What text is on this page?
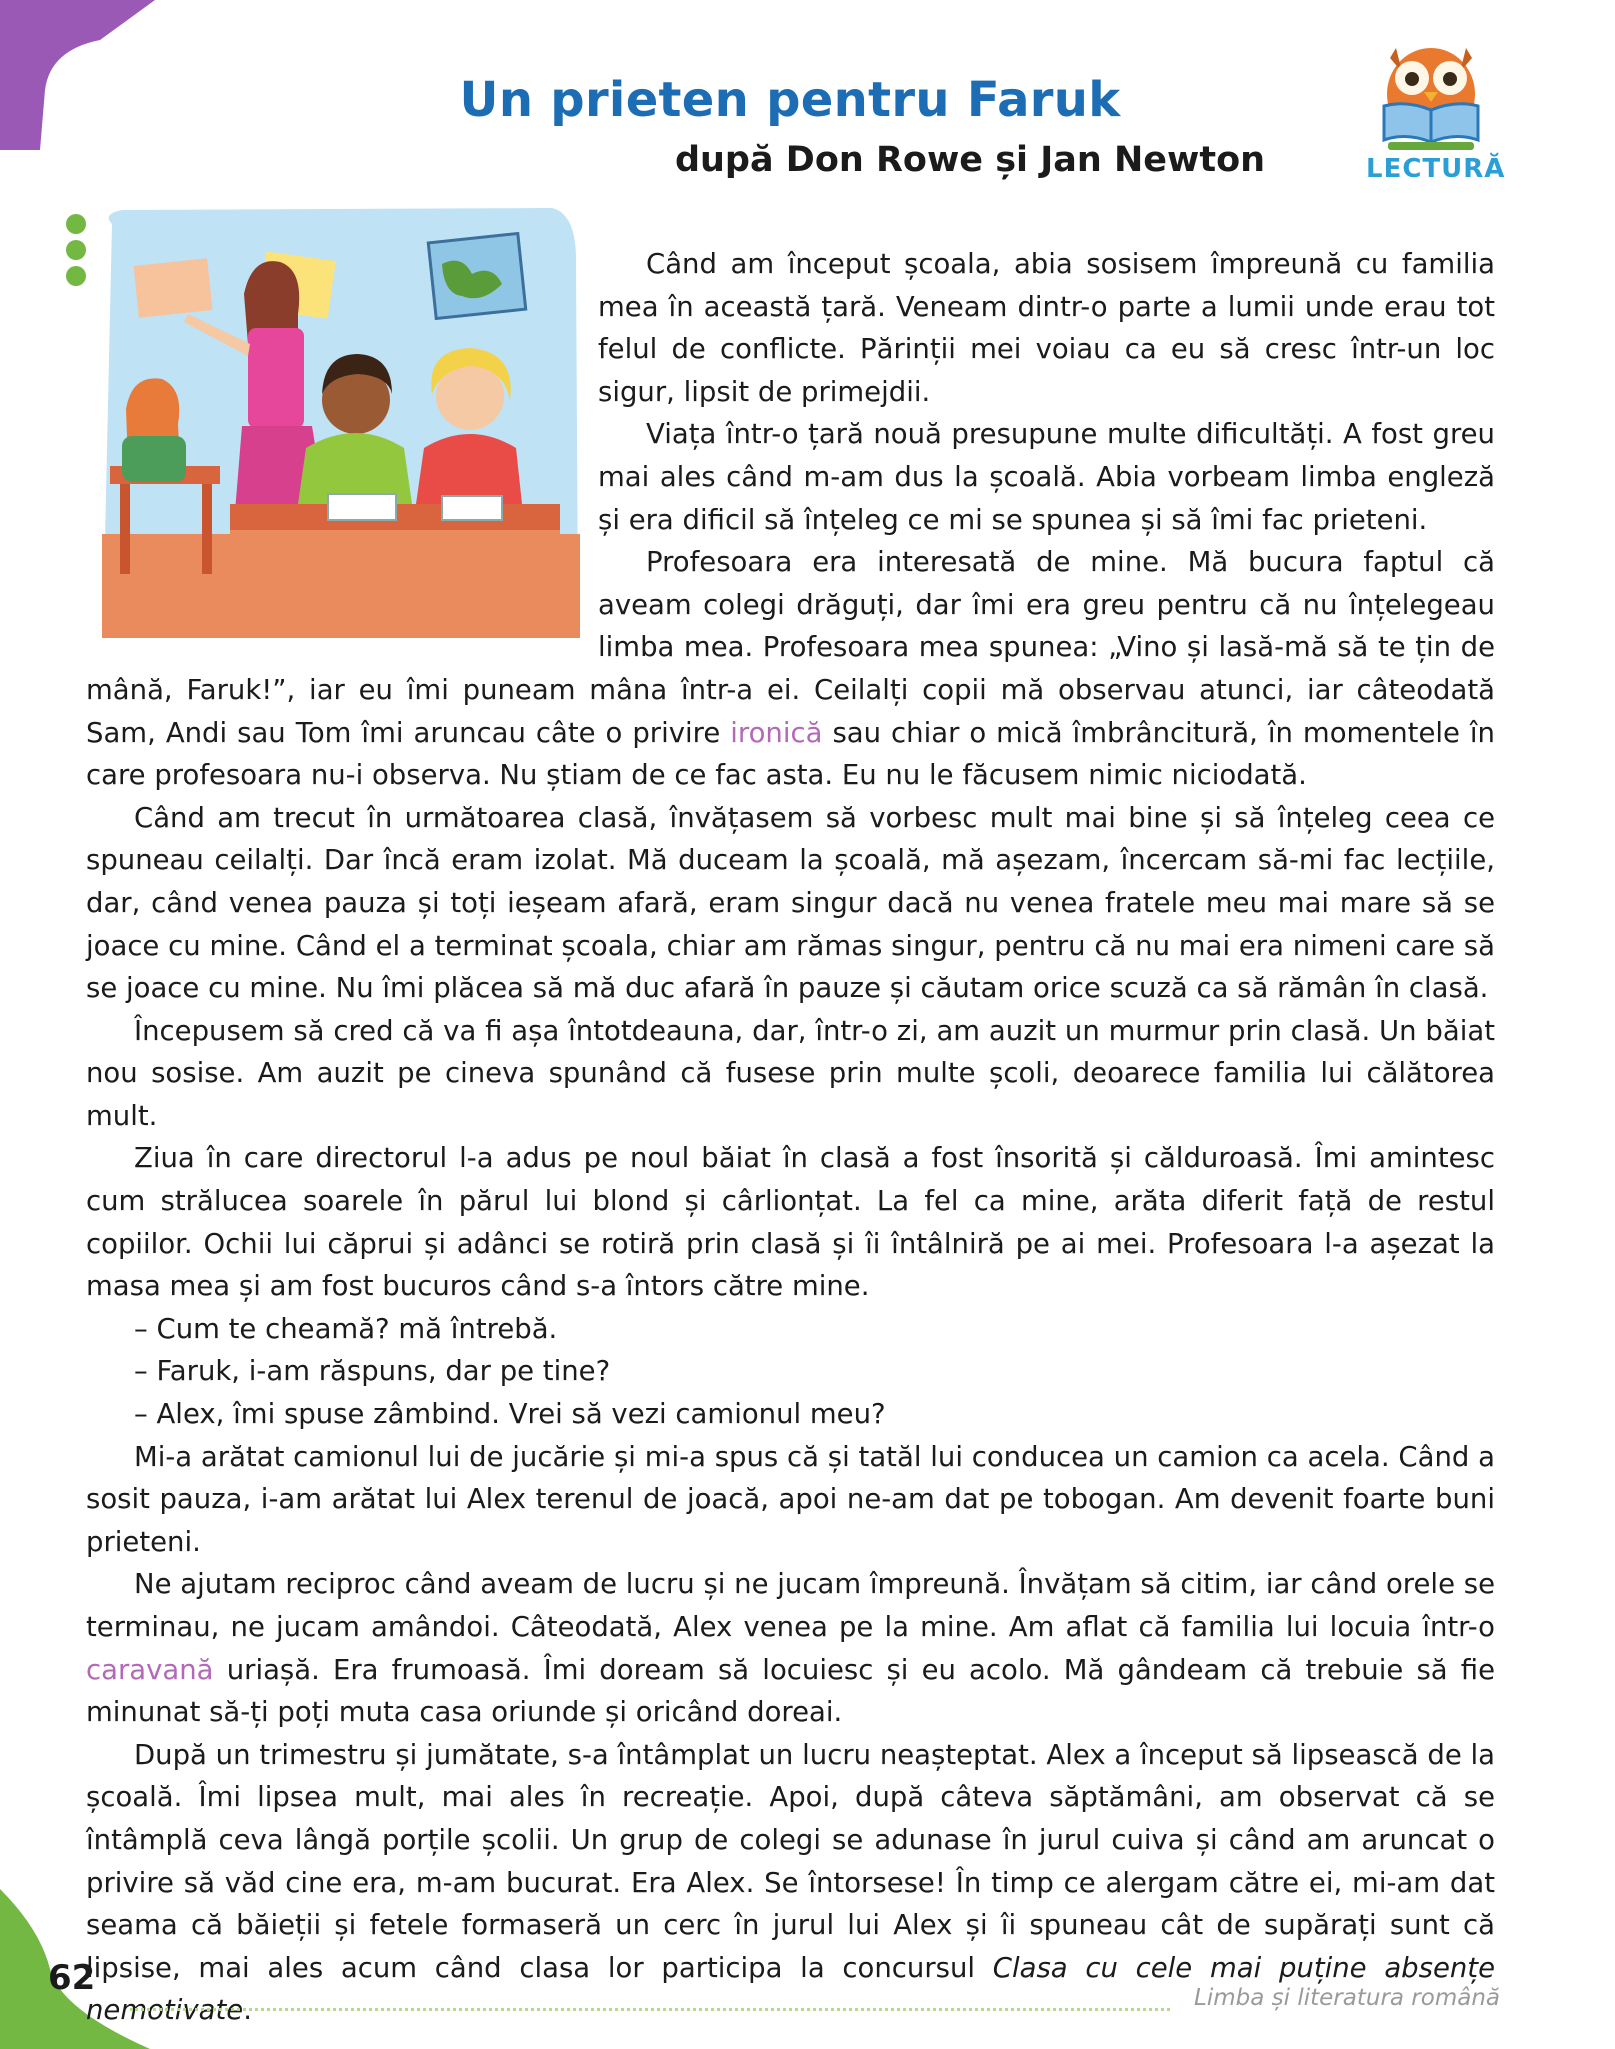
Un prieten pentru Faruk
după Don Rowe și Jan Newton	LECTURĂ

Când am început școala, abia sosisem împreună cu familia mea în această țară. Veneam dintr-o parte a lumii unde erau tot felul de conflicte. Părinții mei voiau ca eu să cresc într-un loc sigur, lipsit de primejdii.

Viața într-o țară nouă presupune multe dificultăți. A fost greu mai ales când m-am dus la școală. Abia vorbeam limba engleză și era dificil să înțeleg ce mi se spunea și să îmi fac prieteni.

Profesoara era interesată de mine. Mă bucura faptul că aveam colegi drăguți, dar îmi era greu pentru că nu înțelegeau limba mea. Profesoara mea spunea: „Vino și lasă-mă să te țin de mână, Faruk!”, iar eu îmi puneam mâna într-a ei. Ceilalți copii mă observau atunci, iar câteodată Sam, Andi sau Tom îmi aruncau câte o privire ironică sau chiar o mică îmbrâncitură, în momentele în care profesoara nu-i observa. Nu știam de ce fac asta. Eu nu le făcusem nimic niciodată.

Când am trecut în următoarea clasă, învățasem să vorbesc mult mai bine și să înțeleg ceea ce spuneau ceilalți. Dar încă eram izolat. Mă duceam la școală, mă așezam, încercam să-mi fac lecțiile, dar, când venea pauza și toți ieșeam afară, eram singur dacă nu venea fratele meu mai mare să se joace cu mine. Când el a terminat școala, chiar am rămas singur, pentru că nu mai era nimeni care să se joace cu mine. Nu îmi plăcea să mă duc afară în pauze și căutam orice scuză ca să rămân în clasă.

Începusem să cred că va fi așa întotdeauna, dar, într-o zi, am auzit un murmur prin clasă. Un băiat nou sosise. Am auzit pe cineva spunând că fusese prin multe școli, deoarece familia lui călătorea mult.

Ziua în care directorul l-a adus pe noul băiat în clasă a fost însorită și călduroasă. Îmi amintesc cum strălucea soarele în părul lui blond și cârlionțat. La fel ca mine, arăta diferit față de restul copiilor. Ochii lui căprui și adânci se rotiră prin clasă și îi întâlniră pe ai mei. Profesoara l-a așezat la masa mea și am fost bucuros când s-a întors către mine.

– Cum te cheamă? mă întrebă.

– Faruk, i-am răspuns, dar pe tine?

– Alex, îmi spuse zâmbind. Vrei să vezi camionul meu?

Mi-a arătat camionul lui de jucărie și mi-a spus că și tatăl lui conducea un camion ca acela. Când a sosit pauza, i-am arătat lui Alex terenul de joacă, apoi ne-am dat pe tobogan. Am devenit foarte buni prieteni.

Ne ajutam reciproc când aveam de lucru și ne jucam împreună. Învățam să citim, iar când orele se terminau, ne jucam amândoi. Câteodată, Alex venea pe la mine. Am aflat că familia lui locuia într-o caravană uriașă. Era frumoasă. Îmi doream să locuiesc și eu acolo. Mă gândeam că trebuie să fie minunat să-ți poți muta casa oriunde și oricând doreai.

După un trimestru și jumătate, s-a întâmplat un lucru neașteptat. Alex a început să lipsească de la școală. Îmi lipsea mult, mai ales în recreație. Apoi, după câteva săptămâni, am observat că se întâmplă ceva lângă porțile școlii. Un grup de colegi se adunase în jurul cuiva și când am aruncat o privire să văd cine era, m-am bucurat. Era Alex. Se întorsese! În timp ce alergam către ei, mi-am dat seama că băieții și fetele formaseră un cerc în jurul lui Alex și îi spuneau cât de supărați sunt că lipsise, mai ales acum când clasa lor participa la concursul Clasa cu cele mai puține absențe nemotivate.

62	Limba și literatura română
